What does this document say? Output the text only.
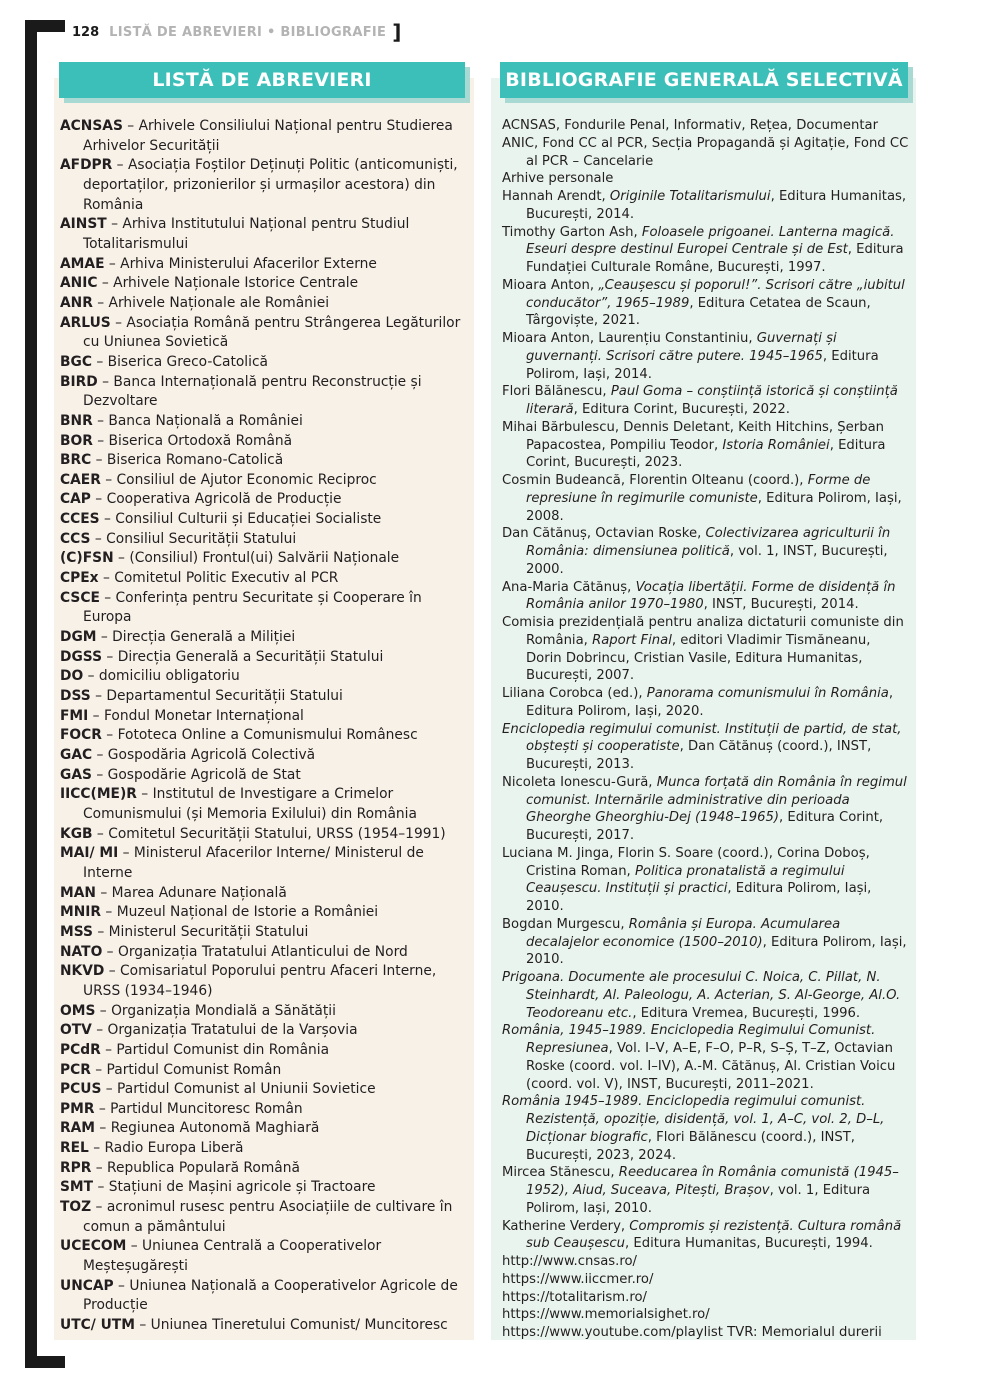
128 LISTĂ DE ABREVIERI • BIBLIOGRAFIE ]
LISTĂ DE ABREVIERI	BIBLIOGRAFIE GENERALĂ SELECTIVĂ
ACNSAS – Arhivele Consiliului Național pentru Studierea Arhivelor Securității
AFDPR – Asociația Foștilor Deținuți Politic (anticomuniști, deportaților, prizonierilor și urmașilor acestora) din România
AINST – Arhiva Institutului Național pentru Studiul Totalitarismului
AMAE – Arhiva Ministerului Afacerilor Externe
ANIC – Arhivele Naționale Istorice Centrale
ANR – Arhivele Naționale ale României
ARLUS – Asociația Română pentru Strângerea Legăturilor cu Uniunea Sovietică
BGC – Biserica Greco-Catolică
BIRD – Banca Internațională pentru Reconstrucție și Dezvoltare
BNR – Banca Națională a României
BOR – Biserica Ortodoxă Română
BRC – Biserica Romano-Catolică
CAER – Consiliul de Ajutor Economic Reciproc
CAP – Cooperativa Agricolă de Producție
CCES – Consiliul Culturii și Educației Socialiste
CCS – Consiliul Securității Statului
(C)FSN – (Consiliul) Frontul(ui) Salvării Naționale
CPEx – Comitetul Politic Executiv al PCR
CSCE – Conferința pentru Securitate și Cooperare în Europa
DGM – Direcția Generală a Miliției
DGSS – Direcția Generală a Securității Statului
DO – domiciliu obligatoriu
DSS – Departamentul Securității Statului
FMI – Fondul Monetar Internațional
FOCR – Fototeca Online a Comunismului Românesc
GAC – Gospodăria Agricolă Colectivă
GAS – Gospodărie Agricolă de Stat
IICC(ME)R – Institutul de Investigare a Crimelor Comunismului (și Memoria Exilului) din România
KGB – Comitetul Securității Statului, URSS (1954–1991)
MAI/ MI – Ministerul Afacerilor Interne/ Ministerul de Interne
MAN – Marea Adunare Națională
MNIR – Muzeul Național de Istorie a României
MSS – Ministerul Securității Statului
NATO – Organizația Tratatului Atlanticului de Nord
NKVD – Comisariatul Poporului pentru Afaceri Interne, URSS (1934–1946)
OMS – Organizația Mondială a Sănătății
OTV – Organizația Tratatului de la Varșovia
PCdR – Partidul Comunist din România
PCR – Partidul Comunist Român
PCUS – Partidul Comunist al Uniunii Sovietice
PMR – Partidul Muncitoresc Român
RAM – Regiunea Autonomă Maghiară
REL – Radio Europa Liberă
RPR – Republica Populară Română
SMT – Stațiuni de Mașini agricole și Tractoare
TOZ – acronimul rusesc pentru Asociațiile de cultivare în comun a pământului
UCECOM – Uniunea Centrală a Cooperativelor Meșteșugărești
UNCAP – Uniunea Națională a Cooperativelor Agricole de Producție
UTC/ UTM – Uniunea Tineretului Comunist/ Muncitoresc
ACNSAS, Fondurile Penal, Informativ, Rețea, Documentar
ANIC, Fond CC al PCR, Secția Propagandă și Agitație, Fond CC al PCR – Cancelarie
Arhive personale
Hannah Arendt, Originile Totalitarismului, Editura Humanitas, București, 2014.
Timothy Garton Ash, Foloasele prigoanei. Lanterna magică. Eseuri despre destinul Europei Centrale și de Est, Editura Fundației Culturale Române, București, 1997.
Mioara Anton, „Ceaușescu și poporul!”. Scrisori către „iubitul conducător”, 1965–1989, Editura Cetatea de Scaun, Târgoviște, 2021.
Mioara Anton, Laurențiu Constantiniu, Guvernați și guvernanți. Scrisori către putere. 1945–1965, Editura Polirom, Iași, 2014.
Flori Bălănescu, Paul Goma – conștiință istorică și conștiință literară, Editura Corint, București, 2022.
Mihai Bărbulescu, Dennis Deletant, Keith Hitchins, Șerban Papacostea, Pompiliu Teodor, Istoria României, Editura Corint, București, 2023.
Cosmin Budeancă, Florentin Olteanu (coord.), Forme de represiune în regimurile comuniste, Editura Polirom, Iași, 2008.
Dan Cătănuș, Octavian Roske, Colectivizarea agriculturii în România: dimensiunea politică, vol. 1, INST, București, 2000.
Ana-Maria Cătănuș, Vocația libertății. Forme de disidență în România anilor 1970–1980, INST, București, 2014.
Comisia prezidențială pentru analiza dictaturii comuniste din România, Raport Final, editori Vladimir Tismăneanu, Dorin Dobrincu, Cristian Vasile, Editura Humanitas, București, 2007.
Liliana Corobca (ed.), Panorama comunismului în România, Editura Polirom, Iași, 2020.
Enciclopedia regimului comunist. Instituții de partid, de stat, obștești și cooperatiste, Dan Cătănuș (coord.), INST, București, 2013.
Nicoleta Ionescu-Gură, Munca forțată din România în regimul comunist. Internările administrative din perioada Gheorghe Gheorghiu-Dej (1948–1965), Editura Corint, București, 2017.
Luciana M. Jinga, Florin S. Soare (coord.), Corina Doboș, Cristina Roman, Politica pronatalistă a regimului Ceaușescu. Instituții și practici, Editura Polirom, Iași, 2010.
Bogdan Murgescu, România și Europa. Acumularea decalajelor economice (1500–2010), Editura Polirom, Iași, 2010.
Prigoana. Documente ale procesului C. Noica, C. Pillat, N. Steinhardt, Al. Paleologu, A. Acterian, S. Al-George, Al.O. Teodoreanu etc., Editura Vremea, București, 1996.
România, 1945–1989. Enciclopedia Regimului Comunist. Represiunea, Vol. I–V, A–E, F–O, P–R, S–Ș, T–Z, Octavian Roske (coord. vol. I–IV), A.-M. Cătănuș, Al. Cristian Voicu (coord. vol. V), INST, București, 2011–2021.
România 1945–1989. Enciclopedia regimului comunist. Rezistență, opoziție, disidență, vol. 1, A–C, vol. 2, D–L, Dicționar biografic, Flori Bălănescu (coord.), INST, București, 2023, 2024.
Mircea Stănescu, Reeducarea în România comunistă (1945–1952), Aiud, Suceava, Pitești, Brașov, vol. 1, Editura Polirom, Iași, 2010.
Katherine Verdery, Compromis și rezistență. Cultura română sub Ceaușescu, Editura Humanitas, București, 1994.
http://www.cnsas.ro/
https://www.iiccmer.ro/
https://totalitarism.ro/
https://www.memorialsighet.ro/
https://www.youtube.com/playlist TVR: Memorialul durerii
